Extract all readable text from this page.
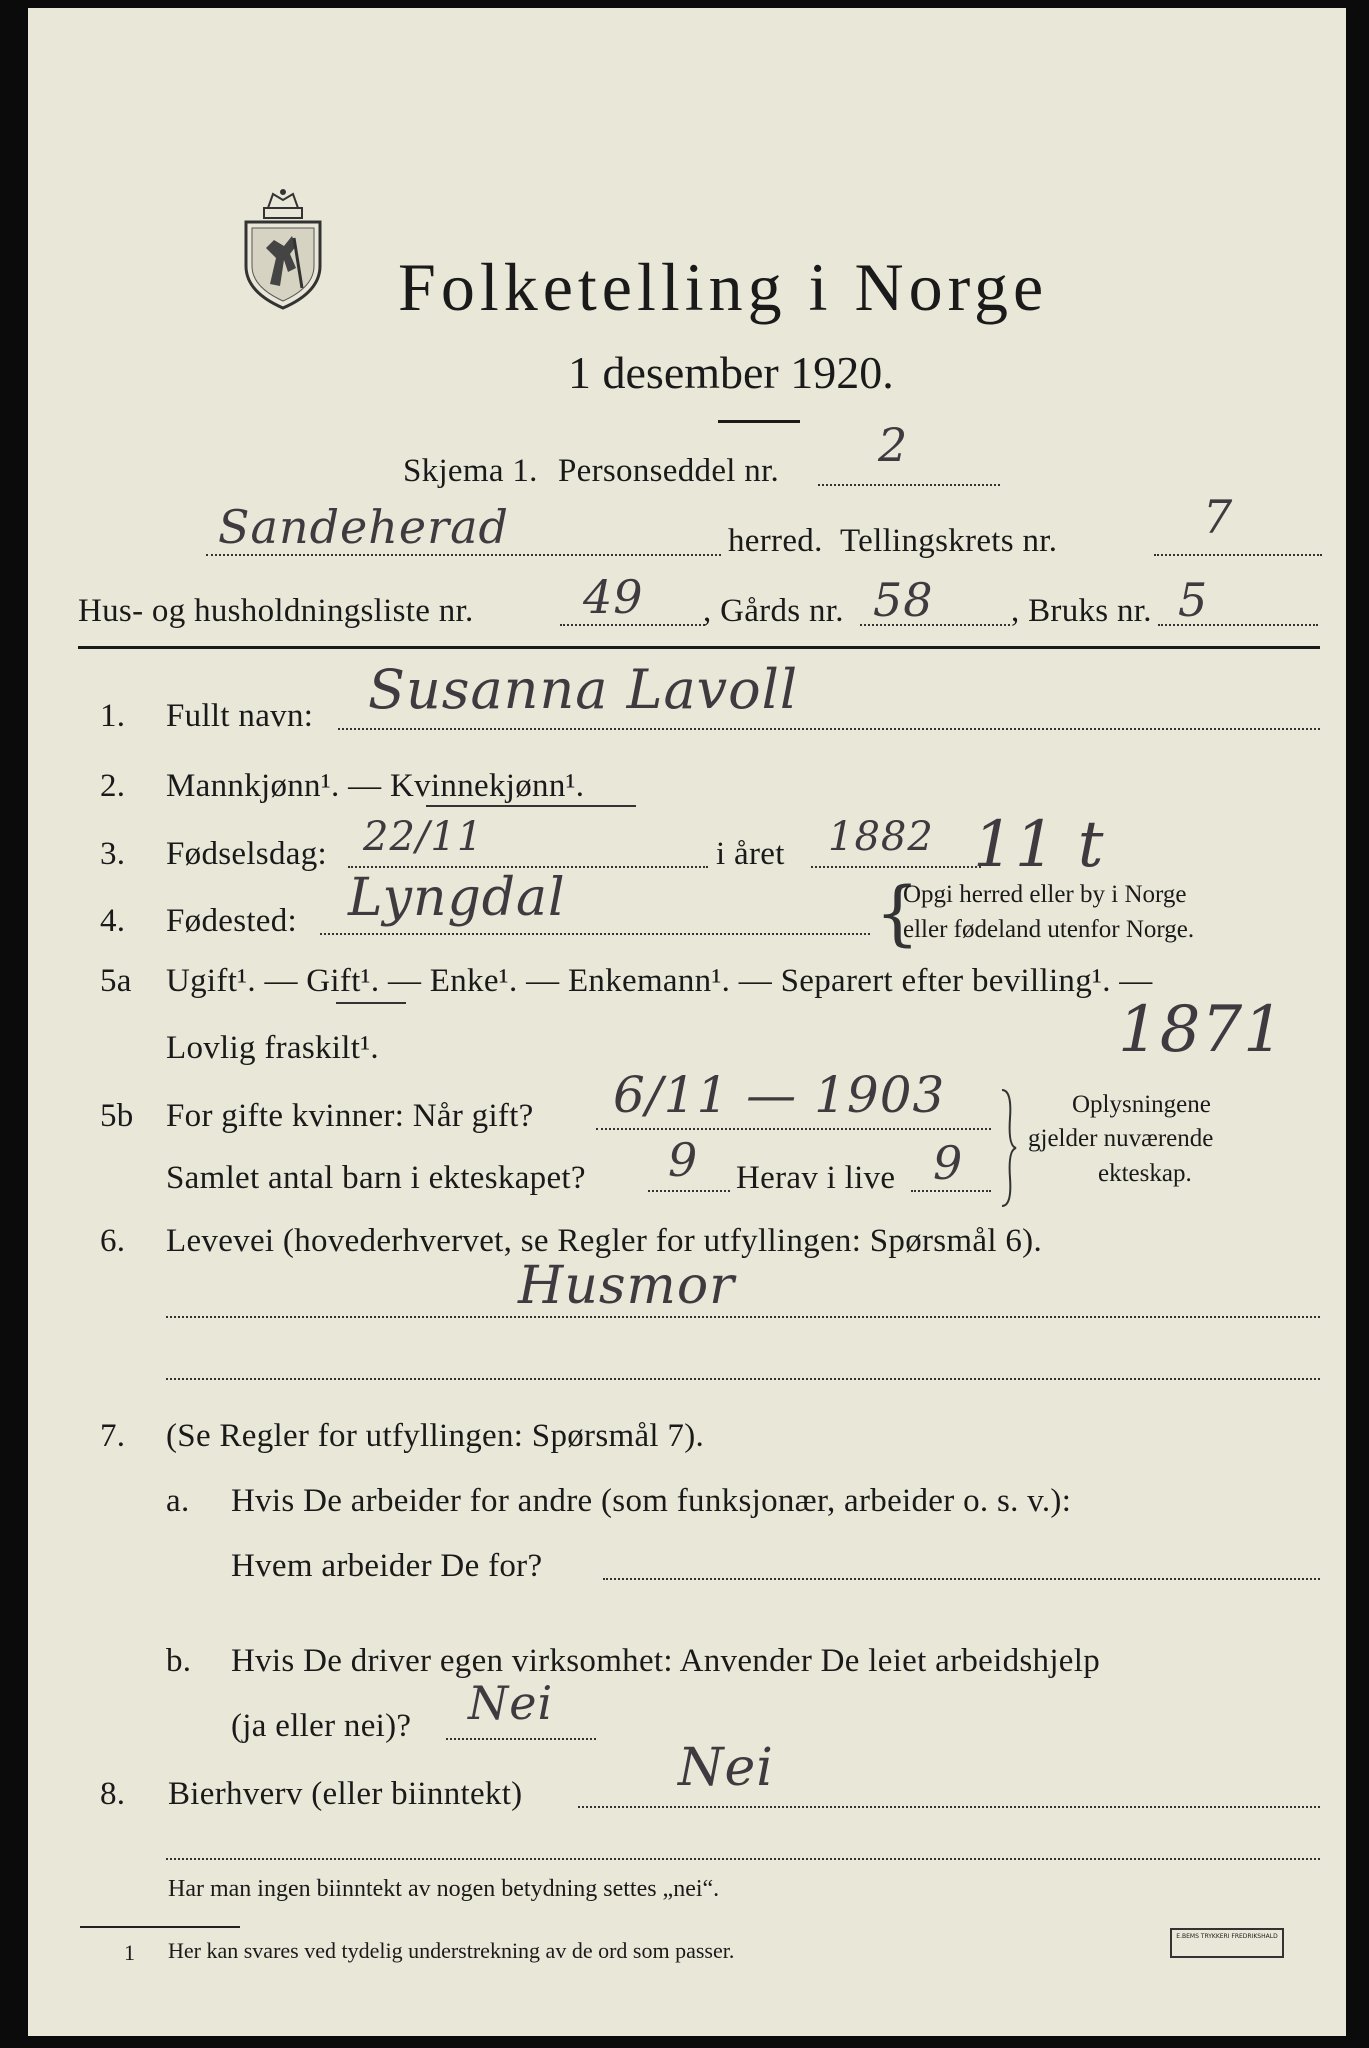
Folketelling i Norge
1 desember 1920.
Skjema 1. Personseddel nr. 2
Sandeherad	herred. Tellingskrets nr.	7
Hus- og husholdningsliste nr. 49 , Gårds nr. 58 , Bruks nr. 5
1. Fullt navn: Susanna Lavoll
2. Mannkjønn¹. — Kvinnekjønn¹.
3. Fødselsdag: 22/11	i året 1882 11 t
4. Fødested: Lyngdal	{
Opgi herred eller by i Norge
eller fødeland utenfor Norge.
5a Ugift¹. — Gift¹. — Enke¹. — Enkemann¹. — Separert efter bevilling¹. —
Lovlig fraskilt¹.	1871
5b For gifte kvinner: Når gift? 6/11 — 1903
Samlet antal barn i ekteskapet? 9 Herav i live 9
Oplysningene
gjelder nuværende
ekteskap.
6. Levevei (hovederhvervet, se Regler for utfyllingen: Spørsmål 6).
Husmor
7. (Se Regler for utfyllingen: Spørsmål 7).
a. Hvis De arbeider for andre (som funksjonær, arbeider o. s. v.):
Hvem arbeider De for?
b. Hvis De driver egen virksomhet: Anvender De leiet arbeidshjelp
(ja eller nei)? Nei
8. Bierhverv (eller biinntekt)	Nei
Har man ingen biinntekt av nogen betydning settes „nei“.
1 Her kan svares ved tydelig understrekning av de ord som passer.
E.BEMS TRYKKERI FREDRIKSHALD
